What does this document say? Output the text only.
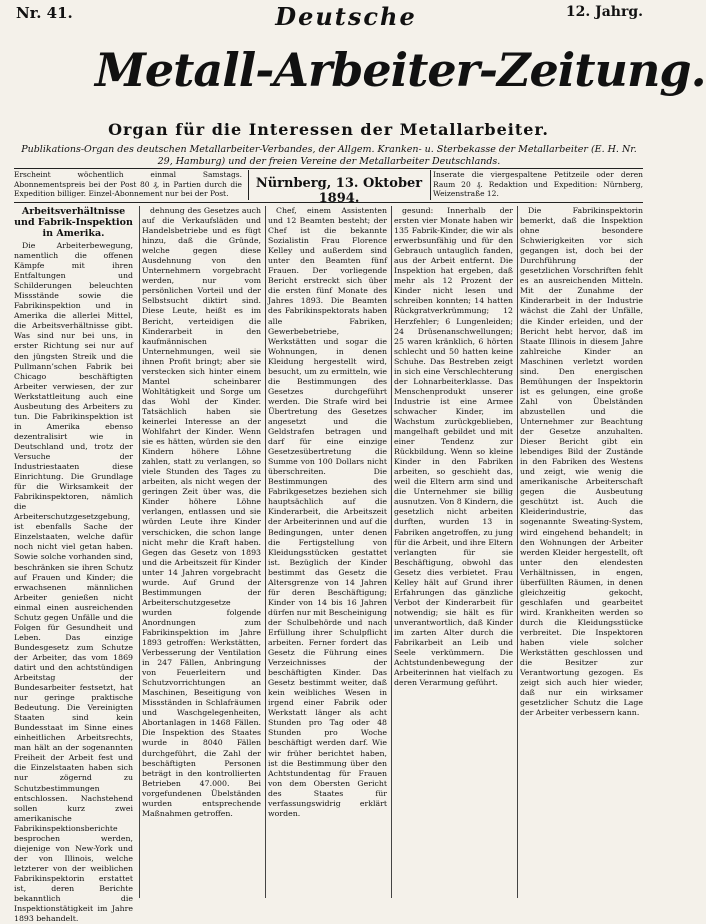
Nr. 41.	Deutsche	12. Jahrg.
Metall-Arbeiter-Zeitung.
Organ für die Interessen der Metallarbeiter.
Publikations-Organ des deutschen Metallarbeiter-Verbandes, der Allgem. Kranken- u. Sterbekasse der Metallarbeiter (E. H. Nr. 29, Hamburg) und der freien Vereine der Metallarbeiter Deutschlands.
Erscheint wöchentlich einmal Samstags. Abonnementspreis bei der Post 80 ₰, in Partien durch die Expedition billiger. Einzel-Abonnement nur bei der Post.
Nürnberg, 13. Oktober 1894.
Inserate die viergespaltene Petitzeile oder deren Raum 20 ₰. Redaktion und Expedition: Nürnberg, Weizenstraße 12.
Arbeitsverhältnisse und Fabrik-Inspektion in Amerika.

Die Arbeiterbewegung, namentlich die offenen Kämpfe mit ihren Entfaltungen und Schilderungen beleuchten Missstände sowie die Fabrikinspektion und in Amerika die allerlei Mittel, die Arbeitsverhältnisse gibt. Was sind nur bei uns, in erster Richtung sei nur auf den jüngsten Streik und die Pullmann’schen Fabrik bei Chicago beschäftigten Arbeiter verwiesen, der zur Werkstattleitung auch eine Ausbeutung des Arbeiters zu tun. Die Fabrikinspektion ist in Amerika ebenso dezentralisirt wie in Deutschland und, trotz der Versuche der Industriestaaten diese Einrichtung. Die Grundlage für die Wirksamkeit der Fabrikinspektoren, nämlich die Arbeiterschutzgesetzgebung, ist ebenfalls Sache der Einzelstaaten, welche dafür noch nicht viel getan haben. Sowie solche vorhanden sind, beschränken sie ihren Schutz auf Frauen und Kinder; die erwachsenen männlichen Arbeiter genießen nicht einmal einen ausreichenden Schutz gegen Unfälle und die Folgen für Gesundheit und Leben. Das einzige Bundesgesetz zum Schutze der Arbeiter, das vom 1869 datirt und den achtstündigen Arbeitstag der Bundesarbeiter festsetzt, hat nur geringe praktische Bedeutung. Die Vereinigten Staaten sind kein Bundesstaat im Sinne eines einheitlichen Arbeitsrechts, man hält an der sogenannten Freiheit der Arbeit fest und die Einzelstaaten haben sich nur zögernd zu Schutzbestimmungen entschlossen. Nachstehend sollen kurz zwei amerikanische Fabrikinspektionsberichte besprochen werden, diejenige von New-York und der von Illinois, welche letzterer von der weiblichen Fabrikinspektorin erstattet ist, deren Berichte bekanntlich die Inspektionstätigkeit im Jahre 1893 behandelt.

dehnung des Gesetzes auch auf die Verkaufsläden und Handelsbetriebe und es fügt hinzu, daß die Gründe, welche gegen diese Ausdehnung von den Unternehmern vorgebracht werden, nur vom persönlichen Vorteil und der Selbstsucht diktirt sind. Diese Leute, heißt es im Bericht, verteidigen die Kinderarbeit in den kaufmännischen Unternehmungen, weil sie ihnen Profit bringt; aber sie verstecken sich hinter einem Mantel scheinbarer Wohltätigkeit und Sorge um das Wohl der Kinder. Tatsächlich haben sie keinerlei Interesse an der Wohlfahrt der Kinder. Wenn sie es hätten, würden sie den Kindern höhere Löhne zahlen, statt zu verlangen, so viele Stunden des Tages zu arbeiten, als nicht wegen der geringen Zeit über was, die Kinder höhere Löhne verlangen, entlassen und sie würden Leute ihre Kinder verschicken, die schon lange nicht mehr die Kraft haben. Gegen das Gesetz von 1893 und die Arbeitszeit für Kinder unter 14 Jahren vorgebracht wurde. Auf Grund der Bestimmungen der Arbeiterschutzgesetze wurden folgende Anordnungen zum Fabrikinspektion im Jahre 1893 getroffen: Werkstätten, Verbesserung der Ventilation in 247 Fällen, Anbringung von Feuerleitern und Schutzvorrichtungen an Maschinen, Beseitigung von Missständen in Schlafräumen und Waschgelegenheiten, Abortanlagen in 1468 Fällen. Die Inspektion des Staates wurde in 8040 Fällen durchgeführt, die Zahl der beschäftigten Personen beträgt in den kontrollierten Betrieben 47.000. Bei vorgefundenen Übelständen wurden entsprechende Maßnahmen getroffen.

Chef, einem Assistenten und 12 Beamten besteht; der Chef ist die bekannte Sozialistin Frau Florence Kelley und außerdem sind unter den Beamten fünf Frauen. Der vorliegende Bericht erstreckt sich über die ersten fünf Monate des Jahres 1893. Die Beamten des Fabrikinspektorats haben alle Fabriken, Gewerbebetriebe, Werkstätten und sogar die Wohnungen, in denen Kleidung hergestellt wird, besucht, um zu ermitteln, wie die Bestimmungen des Gesetzes durchgeführt werden. Die Strafe wird bei Übertretung des Gesetzes angesetzt und die Geldstrafen betragen und darf für eine einzige Gesetzesübertretung die Summe von 100 Dollars nicht überschreiten. Die Bestimmungen des Fabrikgesetzes beziehen sich hauptsächlich auf die Kinderarbeit, die Arbeitszeit der Arbeiterinnen und auf die Bedingungen, unter denen die Fertigstellung von Kleidungsstücken gestattet ist. Bezüglich der Kinder bestimmt das Gesetz die Altersgrenze von 14 Jahren für deren Beschäftigung; Kinder von 14 bis 16 Jahren dürfen nur mit Bescheinigung der Schulbehörde und nach Erfüllung ihrer Schulpflicht arbeiten. Ferner fordert das Gesetz die Führung eines Verzeichnisses der beschäftigten Kinder. Das Gesetz bestimmt weiter, daß kein weibliches Wesen in irgend einer Fabrik oder Werkstatt länger als acht Stunden pro Tag oder 48 Stunden pro Woche beschäftigt werden darf. Wie wir früher berichtet haben, ist die Bestimmung über den Achtstundentag für Frauen von dem Obersten Gericht des Staates für verfassungswidrig erklärt worden.

gesund: Innerhalb der ersten vier Monate haben wir 135 Fabrik-Kinder, die wir als erwerbsunfähig und für den Gebrauch untauglich fanden, aus der Arbeit entfernt. Die Inspektion hat ergeben, daß mehr als 12 Prozent der Kinder nicht lesen und schreiben konnten; 14 hatten Rückgratverkrümmung; 12 Herzfehler; 6 Lungenleiden; 24 Drüsenanschwellungen; 25 waren kränklich, 6 hörten schlecht und 50 hatten keine Schuhe. Das Bestreben zeigt in sich eine Verschlechterung der Lohnarbeiterklasse. Das Menschenprodukt unserer Industrie ist eine Armee schwacher Kinder, im Wachstum zurückgeblieben, mangelhaft gebildet und mit einer Tendenz zur Rückbildung. Wenn so kleine Kinder in den Fabriken arbeiten, so geschieht das, weil die Eltern arm sind und die Unternehmer sie billig ausnutzen. Von 8 Kindern, die gesetzlich nicht arbeiten durften, wurden 13 in Fabriken angetroffen, zu jung für die Arbeit, und ihre Eltern verlangten für sie Beschäftigung, obwohl das Gesetz dies verbietet. Frau Kelley hält auf Grund ihrer Erfahrungen das gänzliche Verbot der Kinderarbeit für notwendig; sie hält es für unverantwortlich, daß Kinder im zarten Alter durch die Fabrikarbeit an Leib und Seele verkümmern. Die Achtstundenbewegung der Arbeiterinnen hat vielfach zu deren Verarmung geführt.

Die Fabrikinspektorin bemerkt, daß die Inspektion ohne besondere Schwierigkeiten vor sich gegangen ist, doch bei der Durchführung der gesetzlichen Vorschriften fehlt es an ausreichenden Mitteln. Mit der Zunahme der Kinderarbeit in der Industrie wächst die Zahl der Unfälle, die Kinder erleiden, und der Bericht hebt hervor, daß im Staate Illinois in diesem Jahre zahlreiche Kinder an Maschinen verletzt worden sind. Den energischen Bemühungen der Inspektorin ist es gelungen, eine große Zahl von Übelständen abzustellen und die Unternehmer zur Beachtung der Gesetze anzuhalten. Dieser Bericht gibt ein lebendiges Bild der Zustände in den Fabriken des Westens und zeigt, wie wenig die amerikanische Arbeiterschaft gegen die Ausbeutung geschützt ist. Auch die Kleiderindustrie, das sogenannte Sweating-System, wird eingehend behandelt; in den Wohnungen der Arbeiter werden Kleider hergestellt, oft unter den elendesten Verhältnissen, in engen, überfüllten Räumen, in denen gleichzeitig gekocht, geschlafen und gearbeitet wird. Krankheiten werden so durch die Kleidungsstücke verbreitet. Die Inspektoren haben viele solcher Werkstätten geschlossen und die Besitzer zur Verantwortung gezogen. Es zeigt sich auch hier wieder, daß nur ein wirksamer gesetzlicher Schutz die Lage der Arbeiter verbessern kann.
